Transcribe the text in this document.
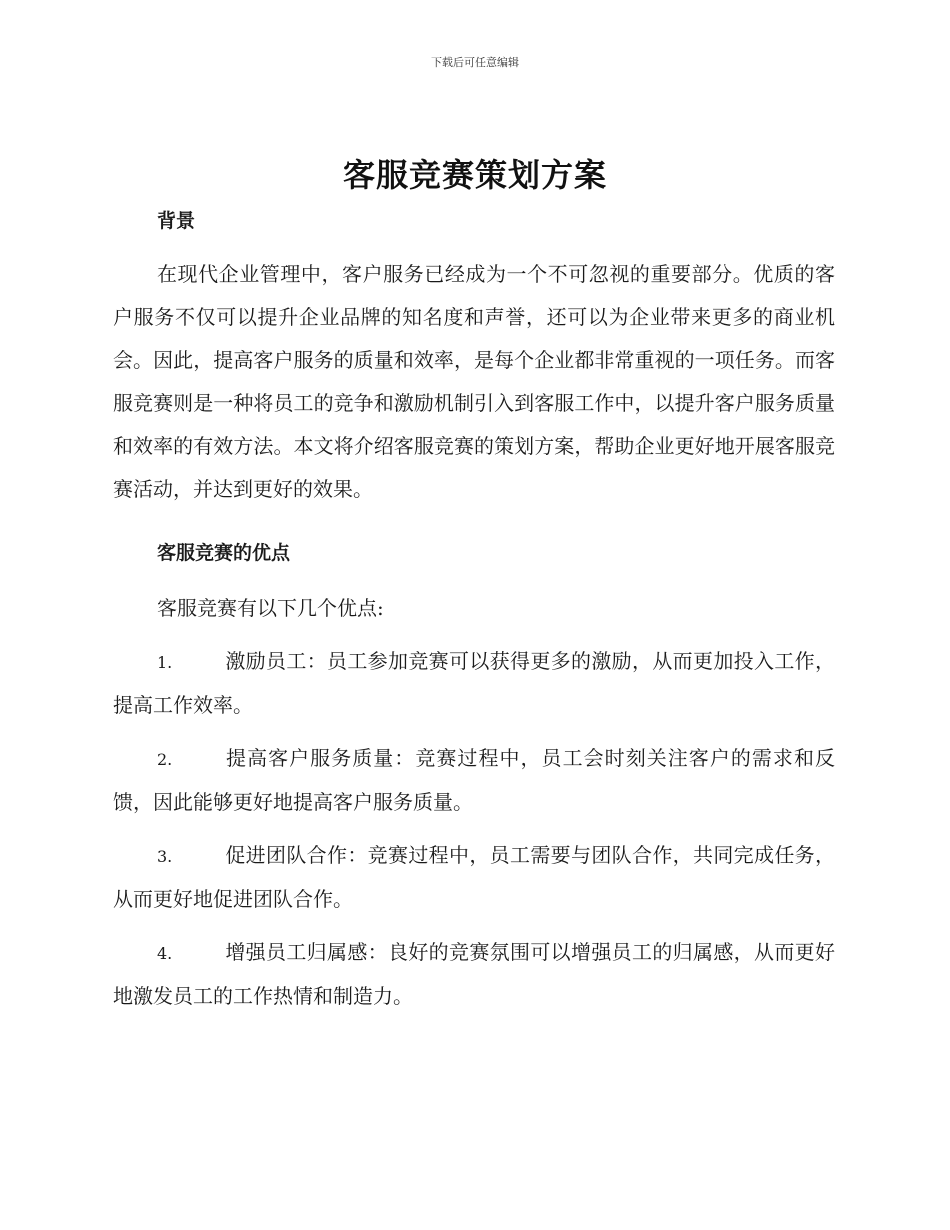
下载后可任意编辑
客服竞赛策划方案
背景

在现代企业管理中，客户服务已经成为一个不可忽视的重要部分。优质的客户服务不仅可以提升企业品牌的知名度和声誉，还可以为企业带来更多的商业机会。因此，提高客户服务的质量和效率，是每个企业都非常重视的一项任务。而客服竞赛则是一种将员工的竞争和激励机制引入到客服工作中，以提升客户服务质量和效率的有效方法。本文将介绍客服竞赛的策划方案，帮助企业更好地开展客服竞赛活动，并达到更好的效果。

客服竞赛的优点

客服竞赛有以下几个优点:

1.	激励员工：员工参加竞赛可以获得更多的激励，从而更加投入工作，提高工作效率。

2.	提高客户服务质量：竞赛过程中，员工会时刻关注客户的需求和反馈，因此能够更好地提高客户服务质量。

3.	促进团队合作：竞赛过程中，员工需要与团队合作，共同完成任务，从而更好地促进团队合作。

4.	增强员工归属感：良好的竞赛氛围可以增强员工的归属感，从而更好地激发员工的工作热情和制造力。
